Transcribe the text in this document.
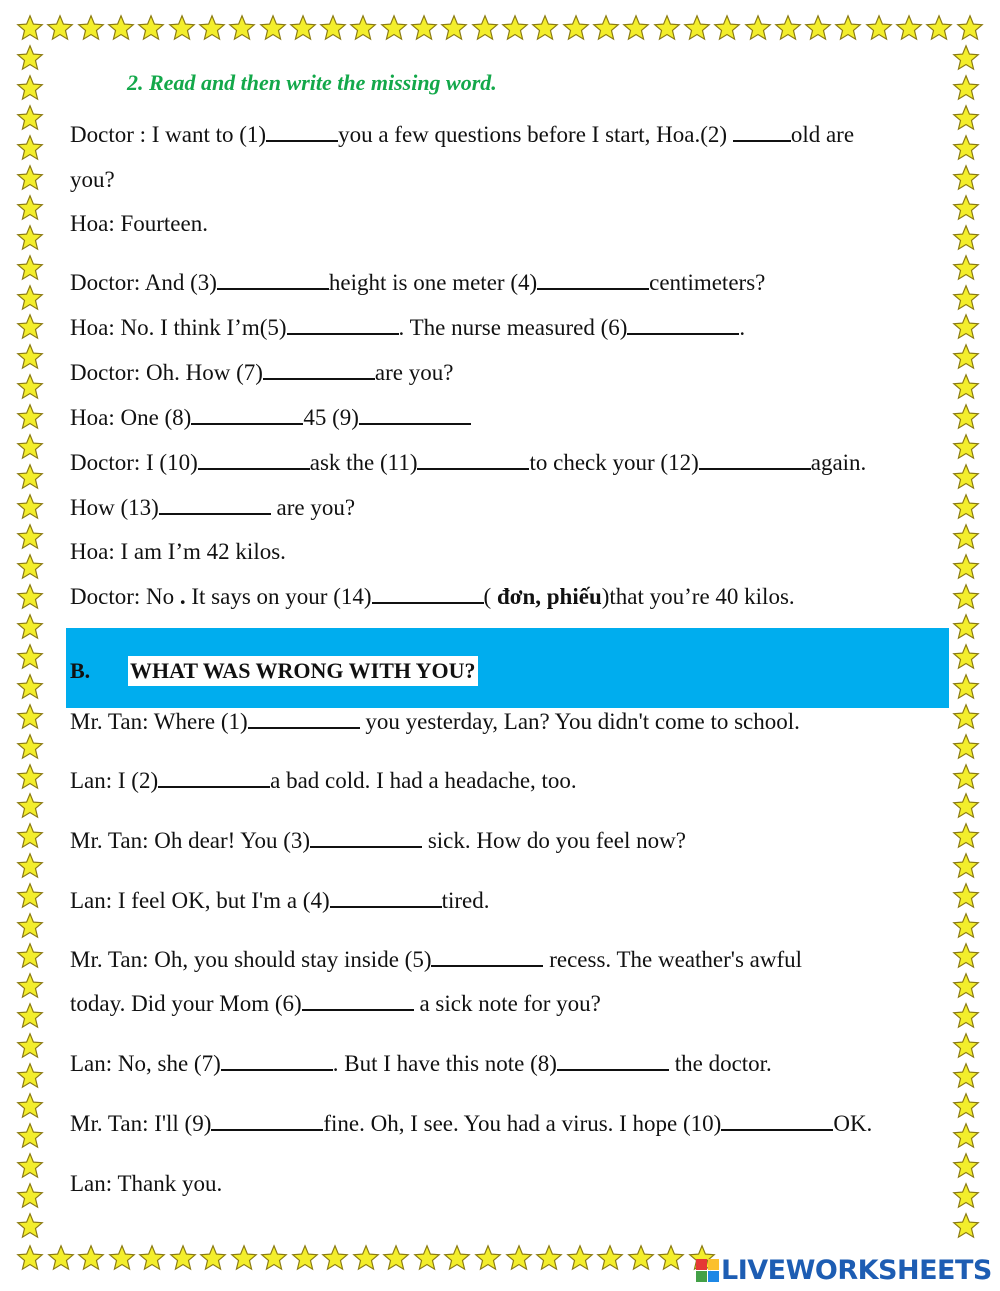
2. Read and then write the missing word.
Doctor : I want to (1)	you a few questions before I start, Hoa.(2)	old are
you?
Hoa: Fourteen.
Doctor: And (3)	height is one meter (4)	centimeters?
Hoa: No. I think I’m(5)	. The nurse measured (6)	.
Doctor: Oh. How (7)	are you?
Hoa: One (8)	45 (9)
Doctor: I (10)	ask the (11)	to check your (12)	again.
How (13)	are you?
Hoa: I am I’m 42 kilos.
Doctor: No . It says on your (14)	( đơn, phiếu)that you’re 40 kilos.
B. WHAT WAS WRONG WITH YOU?
Mr. Tan: Where (1)	you yesterday, Lan? You didn't come to school.
Lan: I (2)	a bad cold. I had a headache, too.
Mr. Tan: Oh dear! You (3)	sick. How do you feel now?
Lan: I feel OK, but I'm a (4)	tired.
Mr. Tan: Oh, you should stay inside (5)	recess. The weather's awful
today. Did your Mom (6)	a sick note for you?
Lan: No, she (7)	. But I have this note (8)	the doctor.
Mr. Tan: I'll (9)	fine. Oh, I see. You had a virus. I hope (10)	OK.
Lan: Thank you.
LIVEWORKSHEETS
